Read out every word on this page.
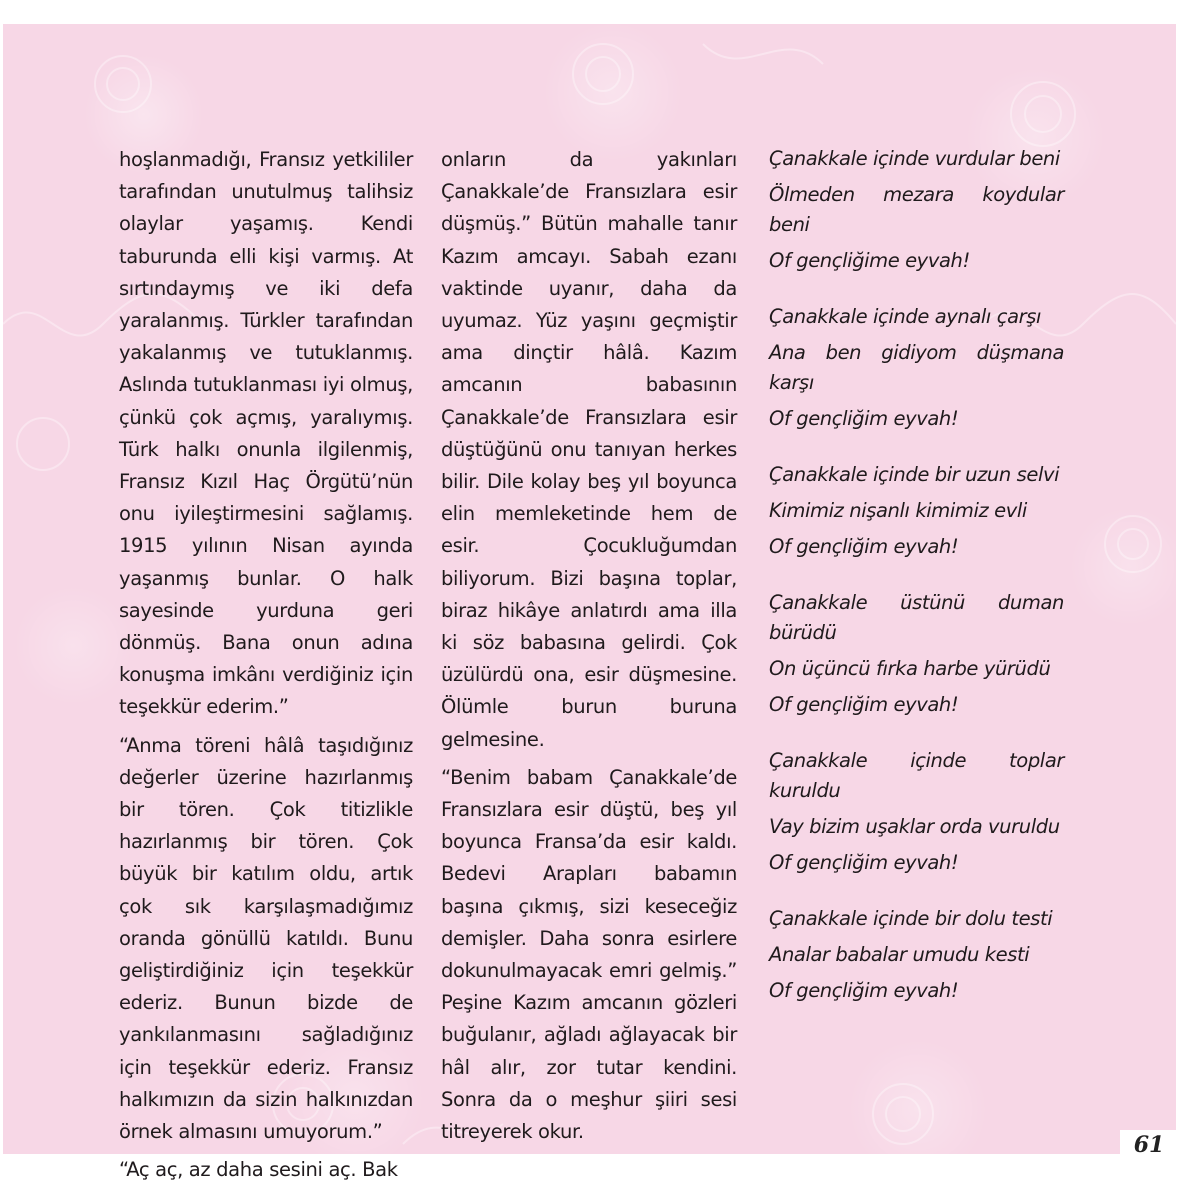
hoşlanmadığı, Fransız yetkililer tarafından unutulmuş talihsiz olaylar yaşamış. Kendi taburunda elli kişi varmış. At sırtındaymış ve iki defa yaralanmış. Türkler tarafından yakalanmış ve tutuklanmış. Aslında tutuklanması iyi olmuş, çünkü çok açmış, yaralıymış. Türk halkı onunla ilgilenmiş, Fransız Kızıl Haç Örgütü’nün onu iyileştirmesini sağlamış. 1915 yılının Nisan ayında yaşanmış bunlar. O halk sayesinde yurduna geri dönmüş. Bana onun adına konuşma imkânı verdiğiniz için teşekkür ederim.”

“Anma töreni hâlâ taşıdığınız değerler üzerine hazırlanmış bir tören. Çok titizlikle hazırlanmış bir tören. Çok büyük bir katılım oldu, artık çok sık karşılaşmadığımız oranda gönüllü katıldı. Bunu geliştirdiğiniz için teşekkür ederiz. Bunun bizde de yankılanmasını sağladığınız için teşekkür ederiz. Fransız halkımızın da sizin halkınızdan örnek almasını umuyorum.”

“Aç aç, az daha sesini aç. Bak

onların da yakınları Çanakkale’de Fransızlara esir düşmüş.” Bütün mahalle tanır Kazım amcayı. Sabah ezanı vaktinde uyanır, daha da uyumaz. Yüz yaşını geçmiştir ama dinçtir hâlâ. Kazım amcanın babasının Çanakkale’de Fransızlara esir düştüğünü onu tanıyan herkes bilir. Dile kolay beş yıl boyunca elin memleketinde hem de esir. Çocukluğumdan biliyorum. Bizi başına toplar, biraz hikâye anlatırdı ama illa ki söz babasına gelirdi. Çok üzülürdü ona, esir düşmesine. Ölümle burun buruna gelmesine.

“Benim babam Çanakkale’de Fransızlara esir düştü, beş yıl boyunca Fransa’da esir kaldı. Bedevi Arapları babamın başına çıkmış, sizi keseceğiz demişler. Daha sonra esirlere dokunulmayacak emri gelmiş.” Peşine Kazım amcanın gözleri buğulanır, ağladı ağlayacak bir hâl alır, zor tutar kendini. Sonra da o meşhur şiiri sesi titreyerek okur.

Çanakkale içinde vurdular beni
Ölmeden mezara koydular beni
Of gençliğime eyvah!
Çanakkale içinde aynalı çarşı
Ana ben gidiyom düşmana karşı
Of gençliğim eyvah!
Çanakkale içinde bir uzun selvi
Kimimiz nişanlı kimimiz evli
Of gençliğim eyvah!
Çanakkale üstünü duman bürüdü
On üçüncü fırka harbe yürüdü
Of gençliğim eyvah!
Çanakkale içinde toplar kuruldu
Vay bizim uşaklar orda vuruldu
Of gençliğim eyvah!
Çanakkale içinde bir dolu testi
Analar babalar umudu kesti
Of gençliğim eyvah!
61
